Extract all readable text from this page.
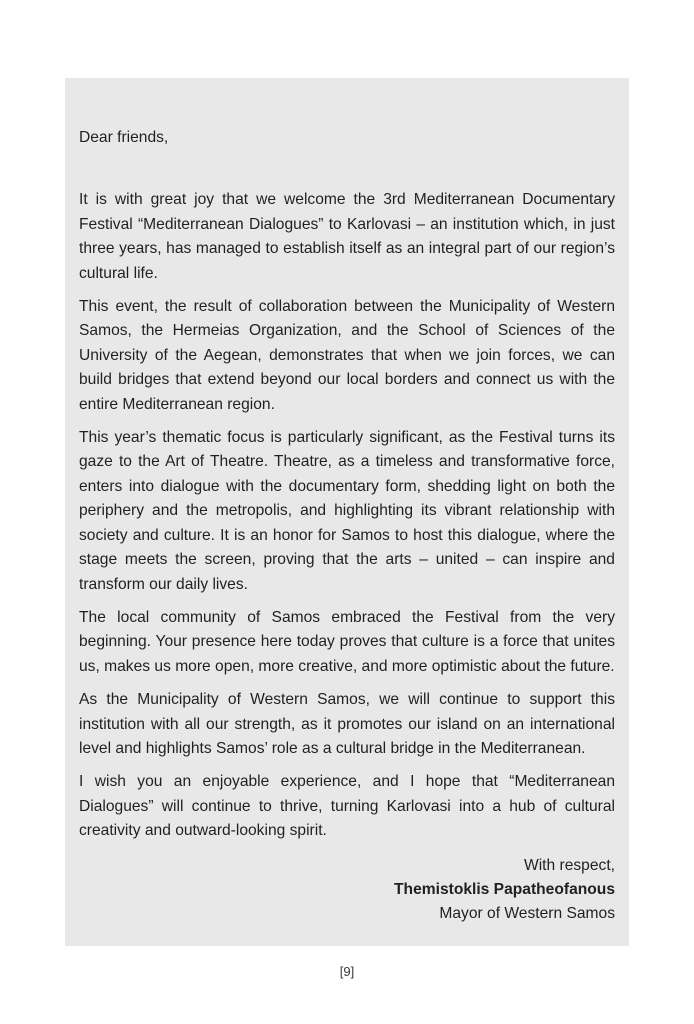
Dear friends,

It is with great joy that we welcome the 3rd Mediterranean Documentary Festival “Mediterranean Dialogues” to Karlovasi – an institution which, in just three years, has managed to establish itself as an integral part of our region’s cultural life.

This event, the result of collaboration between the Municipality of Western Samos, the Hermeias Organization, and the School of Sciences of the University of the Aegean, demonstrates that when we join forces, we can build bridges that extend beyond our local borders and connect us with the entire Mediterranean region.

This year’s thematic focus is particularly significant, as the Festival turns its gaze to the Art of Theatre. Theatre, as a timeless and transformative force, enters into dialogue with the documentary form, shedding light on both the periphery and the metropolis, and highlighting its vibrant relationship with society and culture. It is an honor for Samos to host this dialogue, where the stage meets the screen, proving that the arts – united – can inspire and transform our daily lives.

The local community of Samos embraced the Festival from the very beginning. Your presence here today proves that culture is a force that unites us, makes us more open, more creative, and more optimistic about the future.

As the Municipality of Western Samos, we will continue to support this institution with all our strength, as it promotes our island on an international level and highlights Samos’ role as a cultural bridge in the Mediterranean.

I wish you an enjoyable experience, and I hope that “Mediterranean Dialogues” will continue to thrive, turning Karlovasi into a hub of cultural creativity and outward-looking spirit.

With respect,
Themistoklis Papatheofanous
Mayor of Western Samos
[9]
